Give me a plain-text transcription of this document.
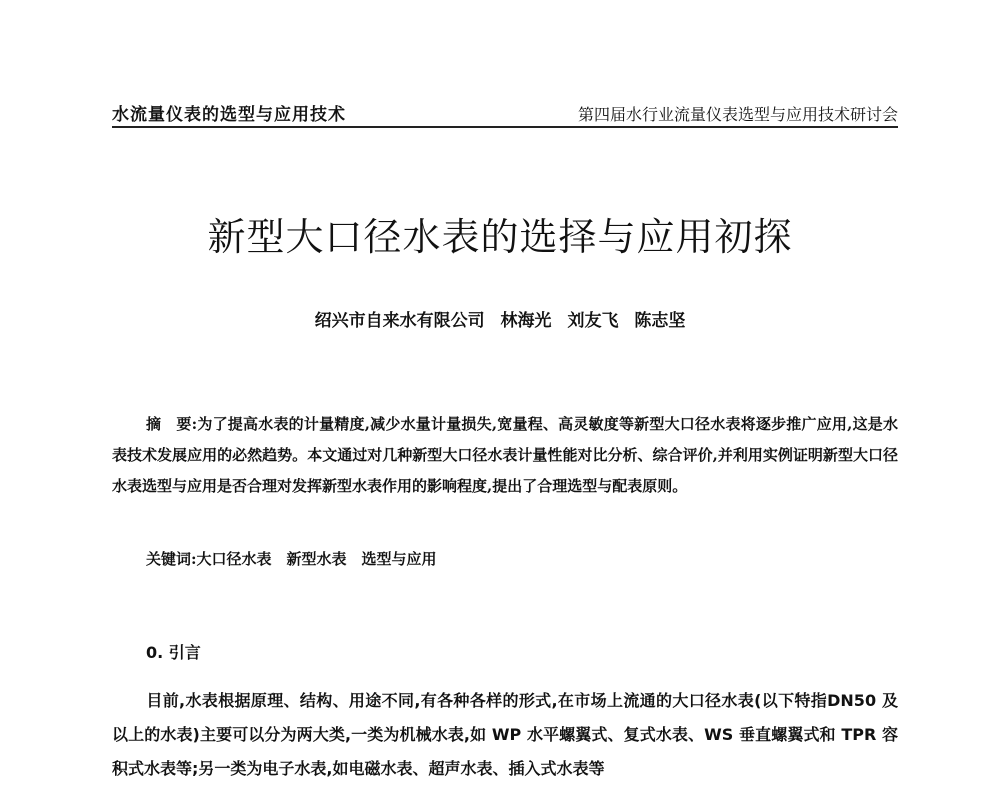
水流量仪表的选型与应用技术	第四届水行业流量仪表选型与应用技术研讨会
新型大口径水表的选择与应用初探
绍兴市自来水有限公司 林海光 刘友飞 陈志坚
摘　要:为了提高水表的计量精度,减少水量计量损失,宽量程、高灵敏度等新型大口径水表将逐步推广应用,这是水表技术发展应用的必然趋势。本文通过对几种新型大口径水表计量性能对比分析、综合评价,并利用实例证明新型大口径水表选型与应用是否合理对发挥新型水表作用的影响程度,提出了合理选型与配表原则。
关键词:大口径水表　新型水表　选型与应用
0. 引言
目前,水表根据原理、结构、用途不同,有各种各样的形式,在市场上流通的大口径水表(以下特指DN50 及以上的水表)主要可以分为两大类,一类为机械水表,如 WP 水平螺翼式、复式水表、WS 垂直螺翼式和 TPR 容积式水表等;另一类为电子水表,如电磁水表、超声水表、插入式水表等
